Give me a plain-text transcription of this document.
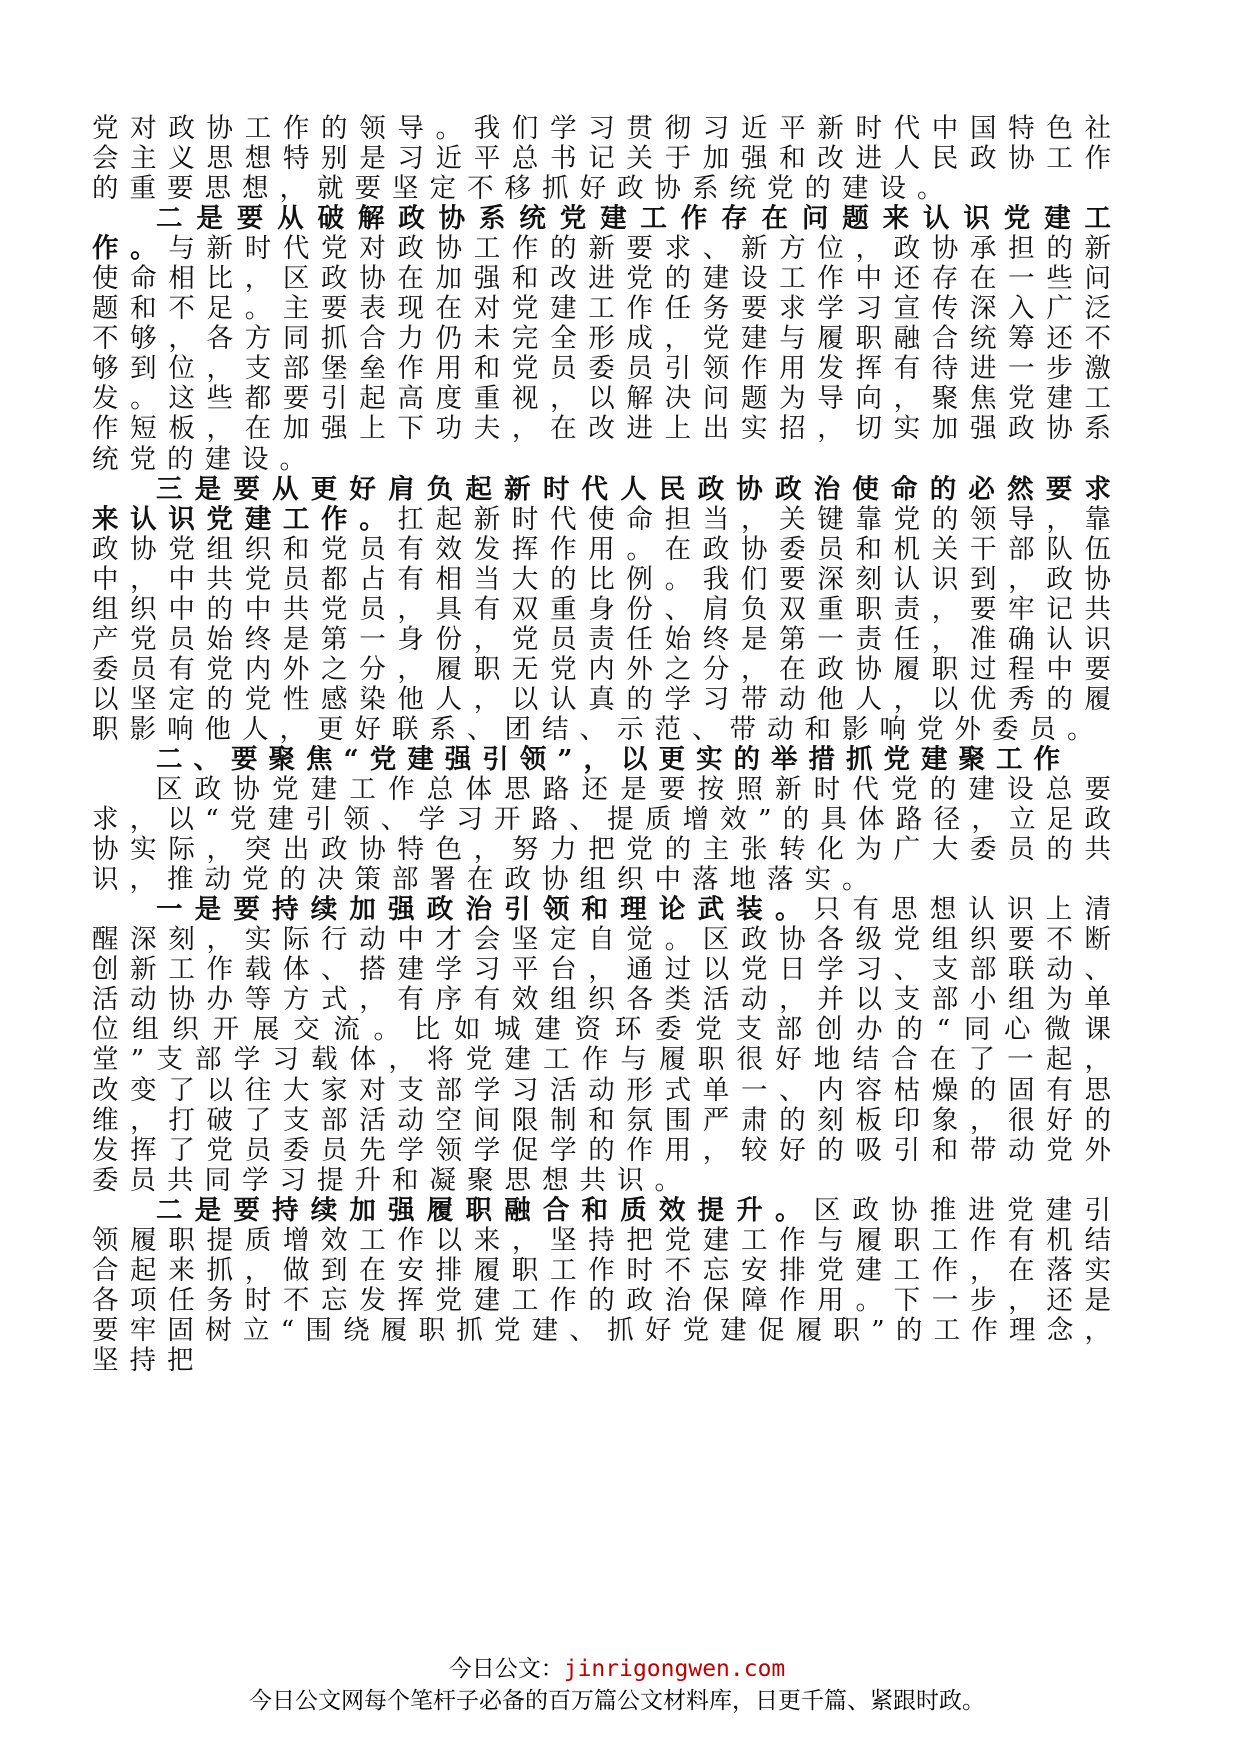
党对政协工作的领导。我们学习贯彻习近平新时代中国特色社会主义思想特别是习近平总书记关于加强和改进人民政协工作的重要思想，就要坚定不移抓好政协系统党的建设。

二是要从破解政协系统党建工作存在问题来认识党建工作。与新时代党对政协工作的新要求、新方位，政协承担的新使命相比，区政协在加强和改进党的建设工作中还存在一些问题和不足。主要表现在对党建工作任务要求学习宣传深入广泛不够，各方同抓合力仍未完全形成，党建与履职融合统筹还不够到位，支部堡垒作用和党员委员引领作用发挥有待进一步激发。这些都要引起高度重视，以解决问题为导向，聚焦党建工作短板，在加强上下功夫，在改进上出实招，切实加强政协系统党的建设。

三是要从更好肩负起新时代人民政协政治使命的必然要求来认识党建工作。扛起新时代使命担当，关键靠党的领导，靠政协党组织和党员有效发挥作用。在政协委员和机关干部队伍中，中共党员都占有相当大的比例。我们要深刻认识到，政协组织中的中共党员，具有双重身份、肩负双重职责，要牢记共产党员始终是第一身份，党员责任始终是第一责任，准确认识委员有党内外之分，履职无党内外之分，在政协履职过程中要以坚定的党性感染他人，以认真的学习带动他人，以优秀的履职影响他人，更好联系、团结、示范、带动和影响党外委员。

二、要聚焦“党建强引领”，以更实的举措抓党建聚工作

区政协党建工作总体思路还是要按照新时代党的建设总要求，以“党建引领、学习开路、提质增效”的具体路径，立足政协实际，突出政协特色，努力把党的主张转化为广大委员的共识，推动党的决策部署在政协组织中落地落实。

一是要持续加强政治引领和理论武装。只有思想认识上清醒深刻，实际行动中才会坚定自觉。区政协各级党组织要不断创新工作载体、搭建学习平台，通过以党日学习、支部联动、活动协办等方式，有序有效组织各类活动，并以支部小组为单位组织开展交流。比如城建资环委党支部创办的“同心微课堂”支部学习载体，将党建工作与履职很好地结合在了一起，改变了以往大家对支部学习活动形式单一、内容枯燥的固有思维，打破了支部活动空间限制和氛围严肃的刻板印象，很好的发挥了党员委员先学领学促学的作用，较好的吸引和带动党外委员共同学习提升和凝聚思想共识。

二是要持续加强履职融合和质效提升。区政协推进党建引领履职提质增效工作以来，坚持把党建工作与履职工作有机结合起来抓，做到在安排履职工作时不忘安排党建工作，在落实各项任务时不忘发挥党建工作的政治保障作用。下一步，还是要牢固树立“围绕履职抓党建、抓好党建促履职”的工作理念，坚持把

今日公文：jinrigongwen.com
今日公文网每个笔杆子必备的百万篇公文材料库，日更千篇、紧跟时政。
